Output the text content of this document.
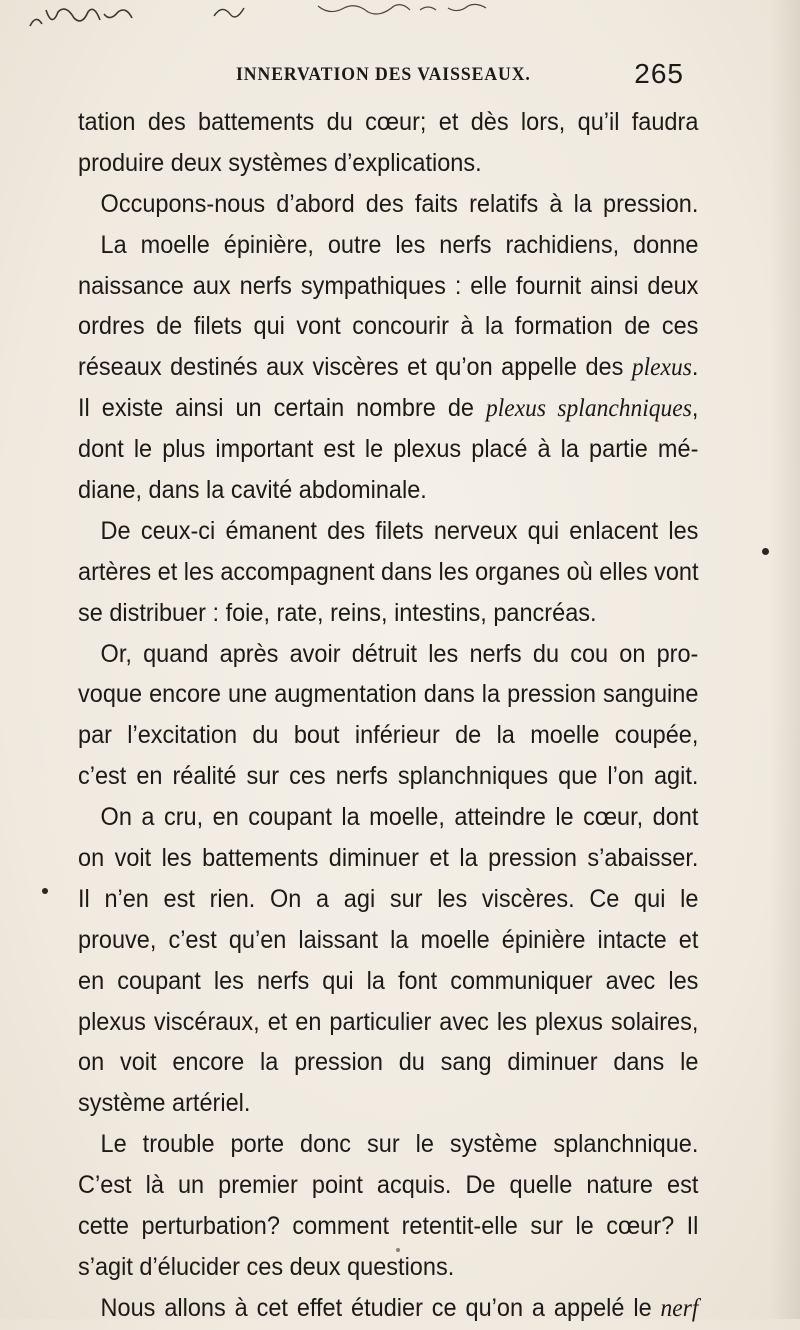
INNERVATION DES VAISSEAUX.	265
tation des battements du cœur; et dès lors, qu’il faudra
produire deux systèmes d’explications.
Occupons-nous d’abord des faits relatifs à la pression.
La moelle épinière, outre les nerfs rachidiens, donne
naissance aux nerfs sympathiques : elle fournit ainsi deux
ordres de filets qui vont concourir à la formation de ces
réseaux destinés aux viscères et qu’on appelle des plexus.
Il existe ainsi un certain nombre de plexus splanchniques,
dont le plus important est le plexus placé à la partie mé-
diane, dans la cavité abdominale.
De ceux-ci émanent des filets nerveux qui enlacent les
artères et les accompagnent dans les organes où elles vont
se distribuer : foie, rate, reins, intestins, pancréas.
Or, quand après avoir détruit les nerfs du cou on pro-
voque encore une augmentation dans la pression sanguine
par l’excitation du bout inférieur de la moelle coupée,
c’est en réalité sur ces nerfs splanchniques que l’on agit.
On a cru, en coupant la moelle, atteindre le cœur, dont
on voit les battements diminuer et la pression s’abaisser.
Il n’en est rien. On a agi sur les viscères. Ce qui le
prouve, c’est qu’en laissant la moelle épinière intacte et
en coupant les nerfs qui la font communiquer avec les
plexus viscéraux, et en particulier avec les plexus solaires,
on voit encore la pression du sang diminuer dans le
système artériel.
Le trouble porte donc sur le système splanchnique.
C’est là un premier point acquis. De quelle nature est
cette perturbation? comment retentit-elle sur le cœur? Il
s’agit d’élucider ces deux questions.
Nous allons à cet effet étudier ce qu’on a appelé le nerf
